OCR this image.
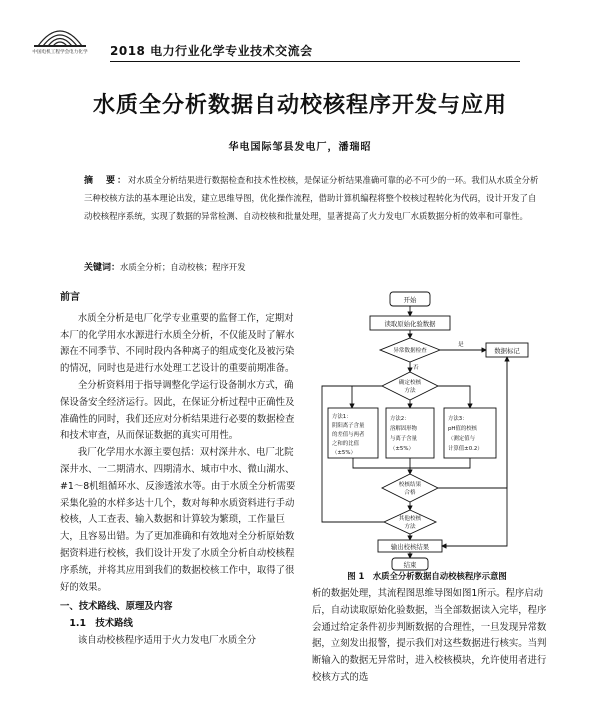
中国电机工程学会电力化学 2018 电力行业化学专业技术交流会
水质全分析数据自动校核程序开发与应用
华电国际邹县发电厂，潘瑞昭
摘　要：对水质全分析结果进行数据检查和技术性校核，是保证分析结果准确可靠的必不可少的一环。我们从水质全分析三种校核方法的基本理论出发，建立思维导图，优化操作流程，借助计算机编程将整个校核过程转化为代码，设计开发了自动校核程序系统，实现了数据的异常检测、自动校核和批量处理，显著提高了火力发电厂水质数据分析的效率和可靠性。
关键词：水质全分析；自动校核；程序开发

前言

水质全分析是电厂化学专业重要的监督工作，定期对本厂的化学用水水源进行水质全分析，不仅能及时了解水源在不同季节、不同时段内各种离子的组成变化及被污染的情况，同时也是进行水处理工艺设计的重要前期准备。

全分析资料用于指导调整化学运行设备制水方式，确保设备安全经济运行。因此，在保证分析过程中正确性及准确性的同时，我们还应对分析结果进行必要的数据检查和技术审查，从而保证数据的真实可用性。

我厂化学用水水源主要包括：双村深井水、电厂北院深井水、一二期清水、四期清水、城市中水、微山湖水、#1～8机组循环水、反渗透浓水等。由于水质全分析需要采集化验的水样多达十几个，数对每种水质资料进行手动校核，人工查表、输入数据和计算较为繁琐，工作量巨大，且容易出错。为了更加准确和有效地对全分析原始数据资料进行校核，我们设计开发了水质全分析自动校核程序系统，并将其应用到我们的数据校核工作中，取得了很好的效果。

一、技术路线、原理及内容

1.1　技术路线

该自动校核程序适用于火力发电厂水质全分

开始
读取原始化验数据
异常数据检查
是
数据标记
否
确定校核
方法
方法1：
阴阳离子含量
的差值与两者
之和的比值
（±5%）
方法2：
溶解固形物
与离子含量
（±5%）
方法3：
pH值的校核
（测定值与
计算值±0.2）
校核结果
合格
其他校核
方法
输出校核结果
结束
图 1　水质全分析数据自动校核程序示意图

析的数据处理，其流程图思维导图如图1所示。程序启动后，自动读取原始化验数据，当全部数据读入完毕，程序会通过给定条件初步判断数据的合理性，一旦发现异常数据，立刻发出报警，提示我们对这些数据进行核实。当判断输入的数据无异常时，进入校核模块，允许使用者进行校核方式的选
